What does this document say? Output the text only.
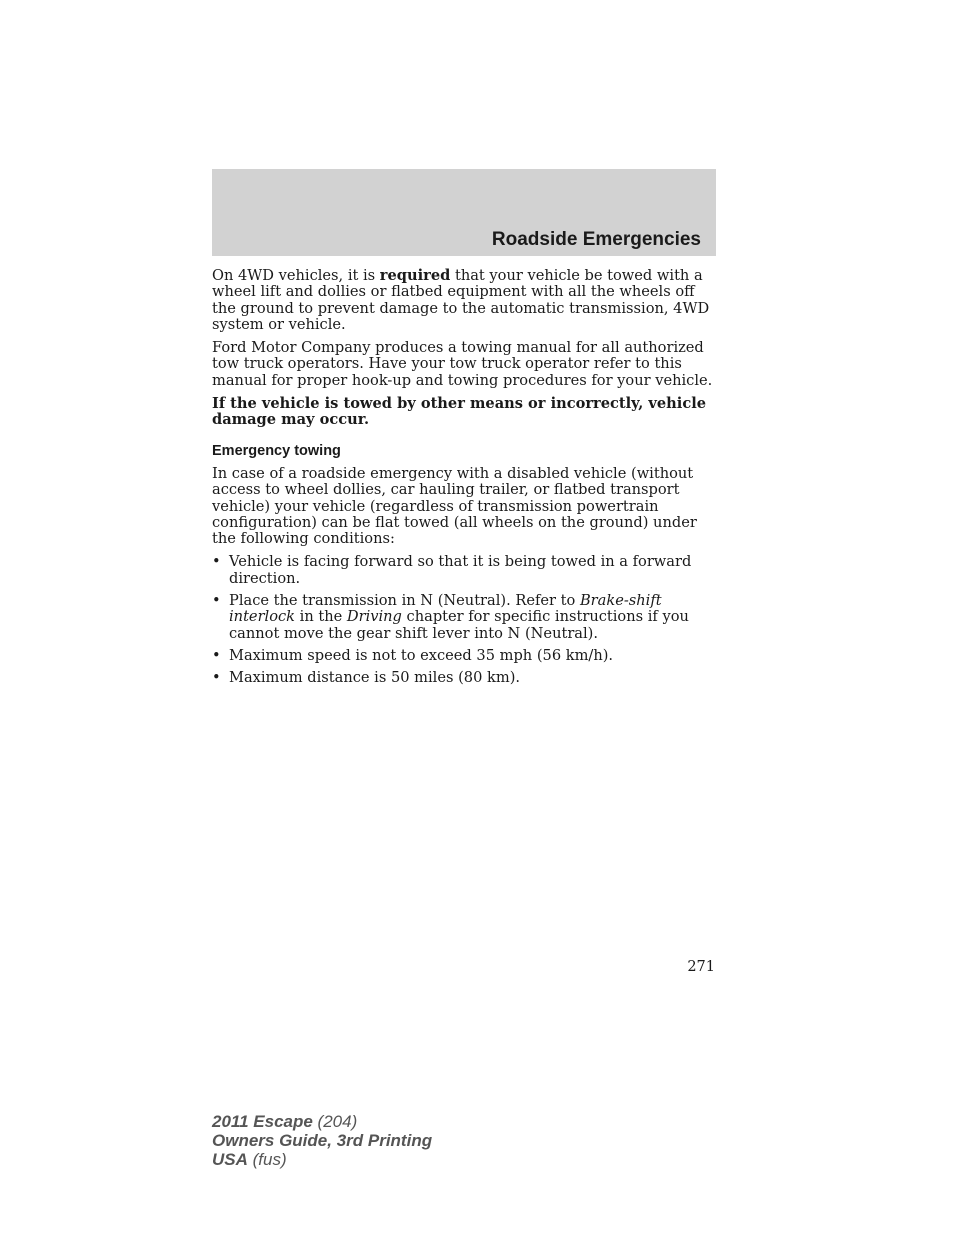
Roadside Emergencies

On 4WD vehicles, it is required that your vehicle be towed with a wheel lift and dollies or flatbed equipment with all the wheels off the ground to prevent damage to the automatic transmission, 4WD system or vehicle.

Ford Motor Company produces a towing manual for all authorized tow truck operators. Have your tow truck operator refer to this manual for proper hook-up and towing procedures for your vehicle.

If the vehicle is towed by other means or incorrectly, vehicle damage may occur.

Emergency towing

In case of a roadside emergency with a disabled vehicle (without access to wheel dollies, car hauling trailer, or flatbed transport vehicle) your vehicle (regardless of transmission powertrain configuration) can be flat towed (all wheels on the ground) under the following conditions:

• Vehicle is facing forward so that it is being towed in a forward direction.
• Place the transmission in N (Neutral). Refer to Brake-shift interlock in the Driving chapter for specific instructions if you cannot move the gear shift lever into N (Neutral).
• Maximum speed is not to exceed 35 mph (56 km/h).
• Maximum distance is 50 miles (80 km).
271
2011 Escape (204)
Owners Guide, 3rd Printing
USA (fus)
